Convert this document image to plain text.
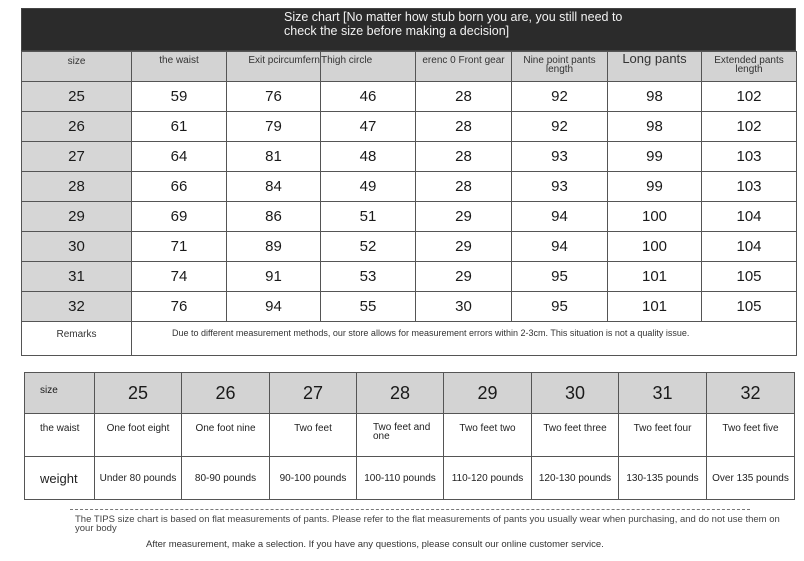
Size chart [No matter how stub born you are, you still need to
check the size before making a decision]
size	the waist	Exit pcircumfern	Thigh circle	erenc 0 Front gear	Nine point pants length	Long pants	Extended pants length
25	59	76	46	28	92	98	102
26	61	79	47	28	92	98	102
27	64	81	48	28	93	99	103
28	66	84	49	28	93	99	103
29	69	86	51	29	94	100	104
30	71	89	52	29	94	100	104
31	74	91	53	29	95	101	105
32	76	94	55	30	95	101	105
Remarks	Due to different measurement methods, our store allows for measurement errors within 2-3cm. This situation is not a quality issue.						
size	25	26	27	28	29	30	31	32
the waist	One foot eight	One foot nine	Two feet	Two feet and one	Two feet two	Two feet three	Two feet four	Two feet five
weight	Under 80 pounds	80-90 pounds	90-100 pounds	100-110 pounds	110-120 pounds	120-130 pounds	130-135 pounds	Over 135 pounds
The TIPS size chart is based on flat measurements of pants. Please refer to the flat measurements of pants you usually wear when purchasing, and do not use them on your body
After measurement, make a selection. If you have any questions, please consult our online customer service.
